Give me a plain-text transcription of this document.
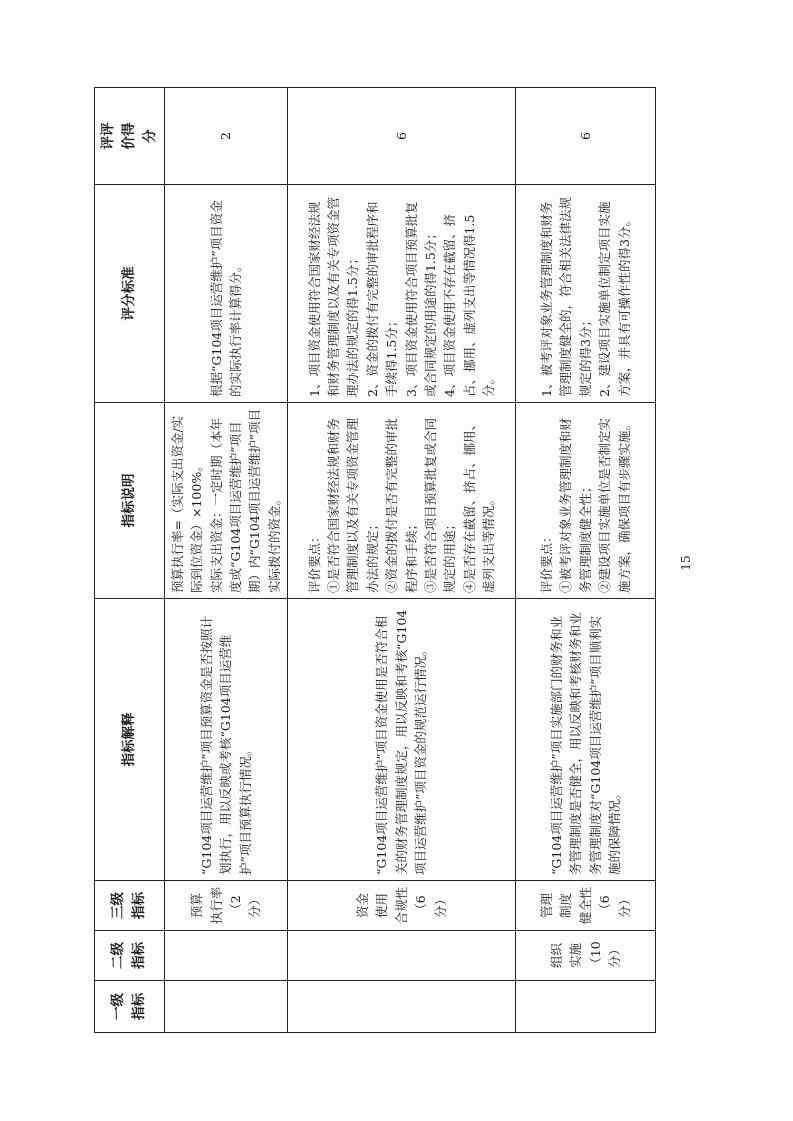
一级
指标	二级
指标	三级
指标	指标解释	指标说明	评分标准	评评
价得
分
		预算
执行率
（2分）	“G104项目运营维护”项目预算资金是否按照计划执行，用以反映或考核“G104项目运营维护”项目预算执行情况。	预算执行率=（实际支出资金/实际到位资金）×100%。
实际支出资金：一定时期（本年度或“G104项目运营维护”项目期）内“G104项目运营维护”项目实际拨付的资金。	根据“G104项目运营维护”项目资金的实际执行率计算得分。	2
		资金
使用
合规性
（6分）	“G104项目运营维护”项目资金使用是否符合相关的财务管理制度规定，用以反映和考核“G104项目运营维护”项目资金的规范运行情况。	评价要点：
①是否符合国家财经法规和财务管理制度以及有关专项资金管理办法的规定；
②资金的拨付是否有完整的审批程序和手续；
③是否符合项目预算批复或合同规定的用途；
④是否存在截留、挤占、挪用、虚列支出等情况。	1、项目资金使用符合国家财经法规和财务管理制度以及有关专项资金管理办法的规定的得1.5分；
2、资金的拨付有完整的审批程序和手续得1.5分；
3、项目资金使用符合项目预算批复或合同规定的用途的得1.5分；
4、项目资金使用不存在截留、挤占、挪用、虚列支出等情况得1.5分。	6
	组织
实施
（10
分）	管理
制度
健全性
（6分）	“G104项目运营维护”项目实施部门的财务和业务管理制度是否健全，用以反映和考核财务和业务管理制度对“G104项目运营维护”项目顺利实施的保障情况。	评价要点：
①被考评对象业务管理制度和财务管理制度健全性；
②建设项目实施单位是否制定实施方案，确保项目有步骤实施。	1、被考评对象业务管理制度和财务管理制度健全的，符合相关法律法规规定的得3分；
2、建设项目实施单位制定项目实施方案，并具有可操作性的得3分。	6
15
